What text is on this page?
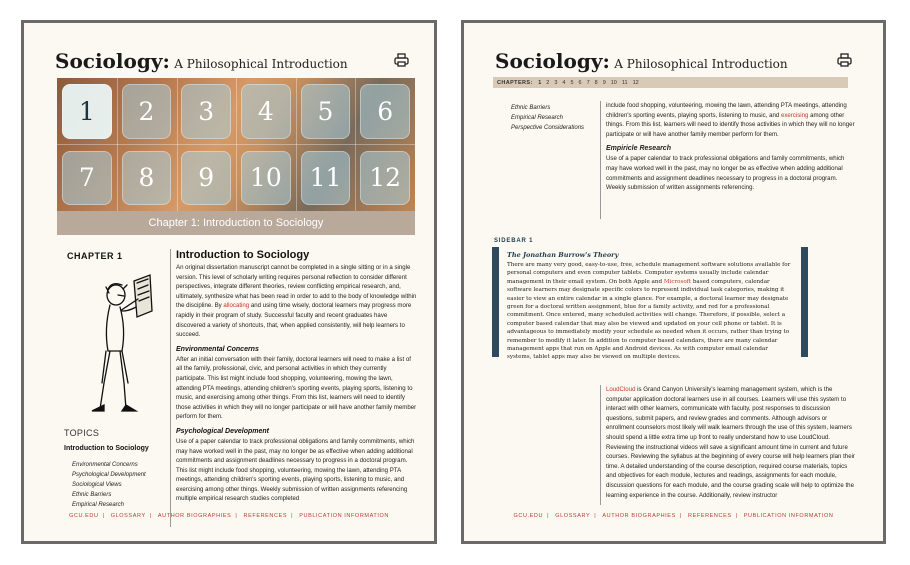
Sociology: A Philosophical Introduction
1	2	3	4	5	6
7	8	9	10	11	12
Chapter 1: Introduction to Sociology
CHAPTER 1
TOPICS
Introduction to Sociology
Environmental Concerns
Psychological Development
Sociological Views
Ethnic Barriers
Empirical Research
Introduction to Sociology

An original dissertation manuscript cannot be completed in a single sitting or in a single version. This level of scholarly writing requires personal reflection to consider different perspectives, integrate different theories, review conflicting empirical research, and, ultimately, synthesize what has been read in order to add to the body of knowledge within the discipline. By allocating and using time wisely, doctoral learners may progress more rapidly in their program of study. Successful faculty and recent graduates have discovered a variety of shortcuts, that, when applied consistently, will help learners to succeed.

Environmental Concerns

After an initial conversation with their family, doctoral learners will need to make a list of all the family, professional, civic, and personal activities in which they currently participate. This list might include food shopping, volunteering, mowing the lawn, attending PTA meetings, attending children's sporting events, playing sports, listening to music, and exercising among other things. From this list, learners will need to identify those activities in which they will no longer participate or will have another family member perform for them.

Psychological Development

Use of a paper calendar to track professional obligations and family commitments, which may have worked well in the past, may no longer be as effective when adding additional commitments and assignment deadlines necessary to progress in a doctoral program. This list might include food shopping, volunteering, mowing the lawn, attending PTA meetings, attending children's sporting events, playing sports, listening to music, and exercising among other things. Weekly submission of written assignments referencing multiple empirical research studies completed

GCU.EDU | GLOSSARY | AUTHOR BIOGRAPHIES | REFERENCES | PUBLICATION INFORMATION
Sociology: A Philosophical Introduction
CHAPTERS:	1 2 3 4 5 6 7 8 9 10 11 12
Ethnic Barriers
Empirical Research
Perspective Considerations

include food shopping, volunteering, mowing the lawn, attending PTA meetings, attending children's sporting events, playing sports, listening to music, and exercising among other things. From this list, learners will need to identify those activities in which they will no longer participate or will have another family member perform for them.

Empiricle Research

Use of a paper calendar to track professional obligations and family commitments, which may have worked well in the past, may no longer be as effective when adding additional commitments and assignment deadlines necessary to progress in a doctoral program. Weekly submission of written assignments referencing.

SIDEBAR 1
The Jonathan Burrow's Theory

There are many very good, easy-to-use, free, schedule management software solutions available for personal computers and even computer tablets. Computer systems usually include calendar management in their email system. On both Apple and Microsoft based computers, calendar software learners may designate specific colors to represent individual task categories, making it easier to view an entire calendar in a single glance. For example, a doctoral learner may designate green for a doctoral written assignment, blue for a family activity, and red for a professional commitment. Once entered, many scheduled activities will change. Therefore, if possible, select a computer based calendar that may also be viewed and updated on your cell phone or tablet. It is advantageous to immediately modify your schedule as needed when it occurs, rather than trying to remember to modify it later. In addition to computer based calendars, there are many calendar management apps that run on Apple and Android devices. As with computer email calendar systems, tablet apps may also be viewed on multiple devices.

LoudCloud is Grand Canyon University's learning management system, which is the computer application doctoral learners use in all courses. Learners will use this system to interact with other learners, communicate with faculty, post responses to discussion questions, submit papers, and review grades and comments. Although advisors or enrollment counselors most likely will walk learners through the use of this system, learners should spend a little extra time up front to really understand how to use LoudCloud. Reviewing the instructional videos will save a significant amount time in current and future courses. Reviewing the syllabus at the beginning of every course will help learners plan their time. A detailed understanding of the course description, required course materials, topics and objectives for each module, lectures and readings, assignments for each module, discussion questions for each module, and the course grading scale will help to optimize the learning experience in the course. Additionally, review instructor

GCU.EDU | GLOSSARY | AUTHOR BIOGRAPHIES | REFERENCES | PUBLICATION INFORMATION
